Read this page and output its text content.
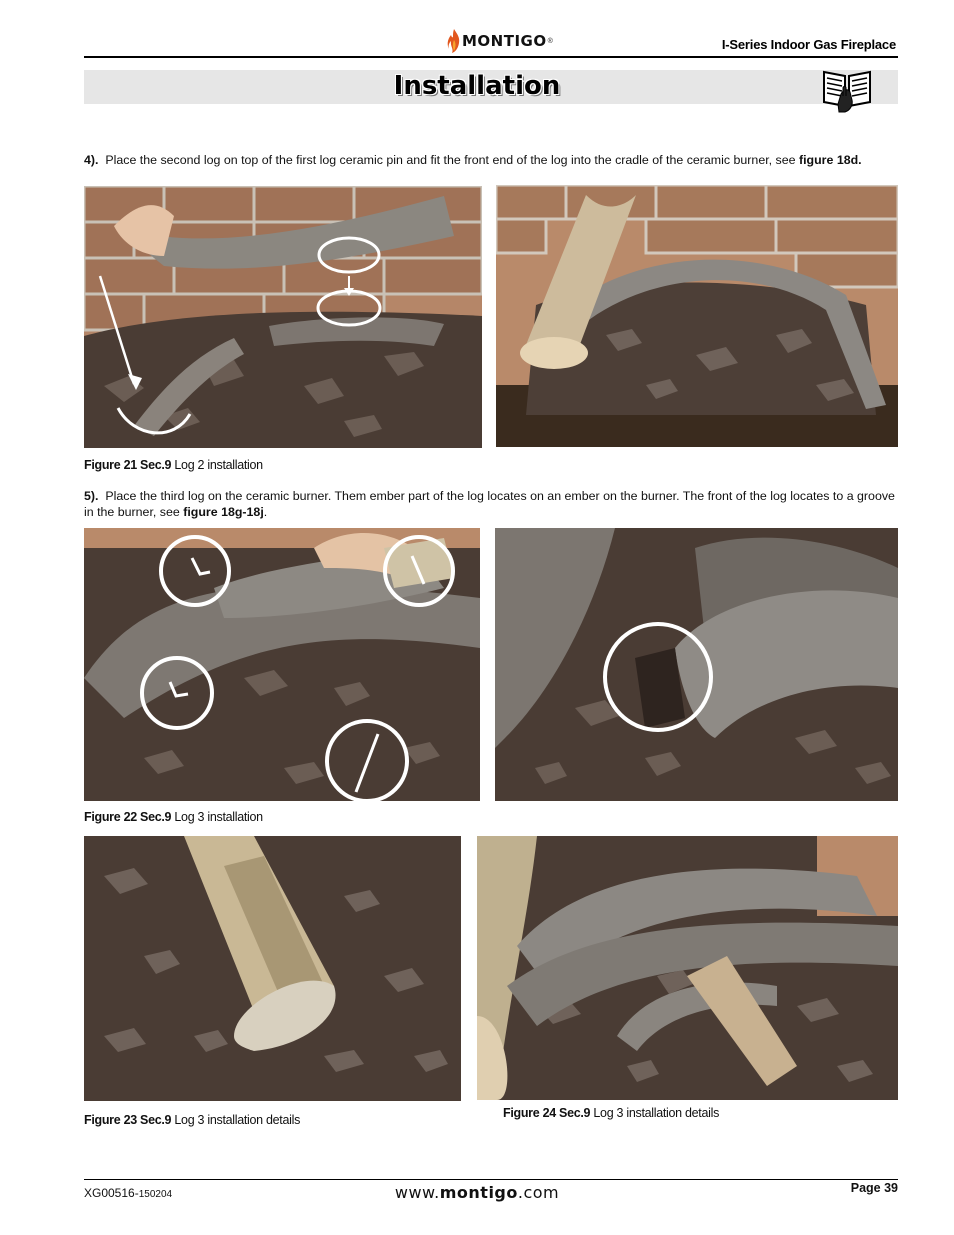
MONTIGO ®	I-Series Indoor Gas Fireplace
Installation
4). Place the second log on top of the first log ceramic pin and fit the front end of the log into the cradle of the ceramic burner, see figure 18d.
Figure 21 Sec.9 Log 2 installation
5). Place the third log on the ceramic burner. Them ember part of the log locates on an ember on the burner. The front of the log locates to a groove in the burner, see figure 18g-18j.
Figure 22 Sec.9 Log 3 installation
Figure 23 Sec.9 Log 3 installation details	Figure 24 Sec.9 Log 3 installation details
XG00516-150204	www.montigo.com	Page 39
